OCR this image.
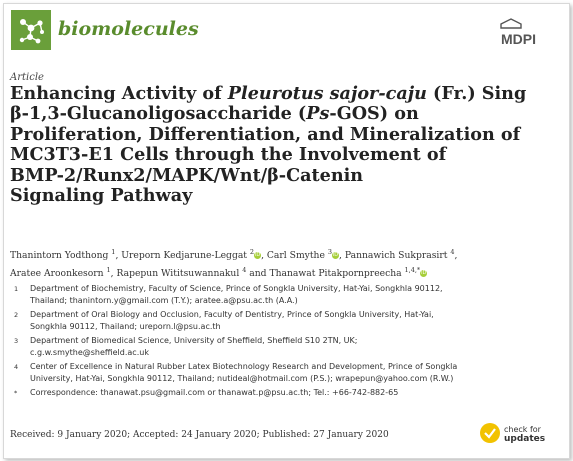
biomolecules	MDPI
Article
Enhancing Activity of Pleurotus sajor-caju (Fr.) Sing
β-1,3-Glucanoligosaccharide (Ps-GOS) on
Proliferation, Differentiation, and Mineralization of
MC3T3-E1 Cells through the Involvement of
BMP-2/Runx2/MAPK/Wnt/β-Catenin
Signaling Pathway
Thanintorn Yodthong $^1$, Ureporn Kedjarune-Leggat $^2$iD, Carl Smythe $^3$iD, Pannawich Sukprasirt $^4$,
Aratee Aroonkesorn $^1$, Rapepun Wititsuwannakul $^4$ and Thanawat Pitakpornpreecha $^{1,4,*}$iD
1	Department of Biochemistry, Faculty of Science, Prince of Songkla University, Hat-Yai, Songkhla 90112,
Thailand; thanintorn.y@gmail.com (T.Y.); aratee.a@psu.ac.th (A.A.)
2	Department of Oral Biology and Occlusion, Faculty of Dentistry, Prince of Songkla University, Hat-Yai,
Songkhla 90112, Thailand; ureporn.l@psu.ac.th
3	Department of Biomedical Science, University of Sheffield, Sheffield S10 2TN, UK;
c.g.w.smythe@sheffield.ac.uk
4	Center of Excellence in Natural Rubber Latex Biotechnology Research and Development, Prince of Songkla
University, Hat-Yai, Songkhla 90112, Thailand; nutideal@hotmail.com (P.S.); wrapepun@yahoo.com (R.W.)
*	Correspondence: thanawat.psu@gmail.com or thanawat.p@psu.ac.th; Tel.: +66-742-882-65
Received: 9 January 2020; Accepted: 24 January 2020; Published: 27 January 2020
check for
updates
